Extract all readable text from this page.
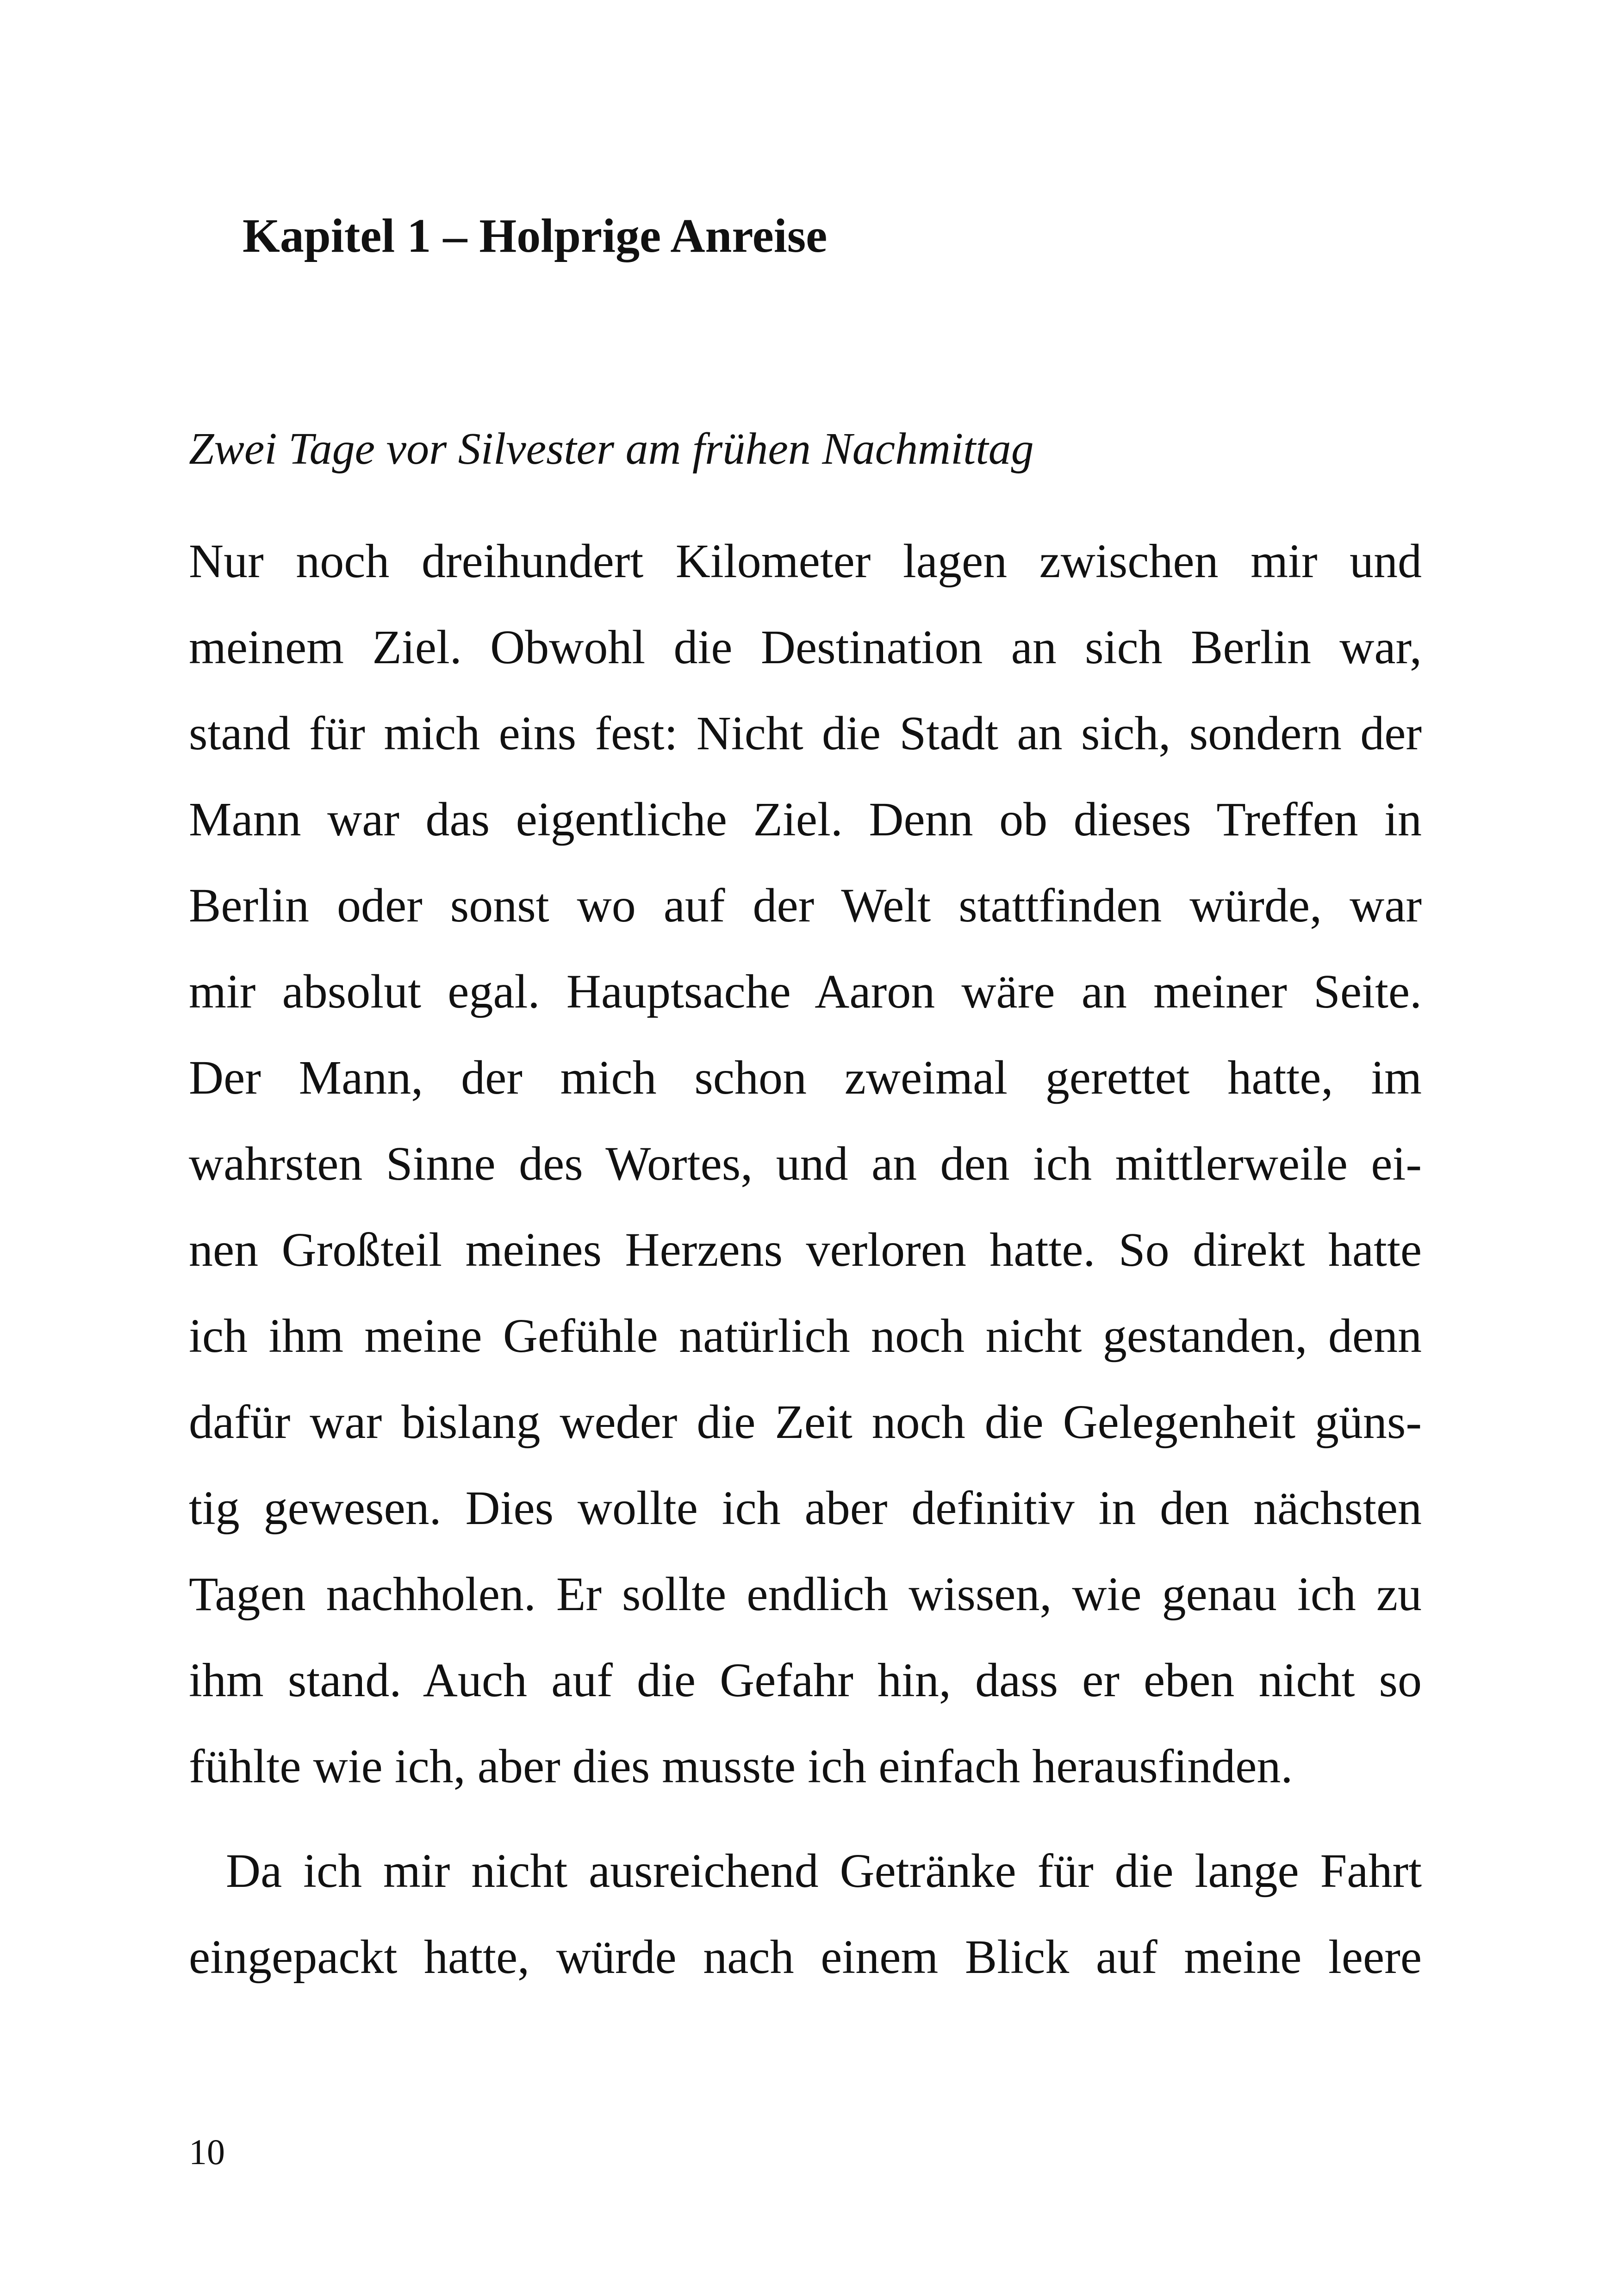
Kapitel 1 – Holprige Anreise

Zwei Tage vor Silvester am frühen Nachmittag

Nur noch dreihundert Kilometer lagen zwischen mir und
meinem Ziel. Obwohl die Destination an sich Berlin war,
stand für mich eins fest: Nicht die Stadt an sich, sondern der
Mann war das eigentliche Ziel. Denn ob dieses Treffen in
Berlin oder sonst wo auf der Welt stattfinden würde, war
mir absolut egal. Hauptsache Aaron wäre an meiner Seite.
Der Mann, der mich schon zweimal gerettet hatte, im
wahrsten Sinne des Wortes, und an den ich mittlerweile ei-
nen Großteil meines Herzens verloren hatte. So direkt hatte
ich ihm meine Gefühle natürlich noch nicht gestanden, denn
dafür war bislang weder die Zeit noch die Gelegenheit güns-
tig gewesen. Dies wollte ich aber definitiv in den nächsten
Tagen nachholen. Er sollte endlich wissen, wie genau ich zu
ihm stand. Auch auf die Gefahr hin, dass er eben nicht so
fühlte wie ich, aber dies musste ich einfach herausfinden.
Da ich mir nicht ausreichend Getränke für die lange Fahrt
eingepackt hatte, würde nach einem Blick auf meine leere
10
